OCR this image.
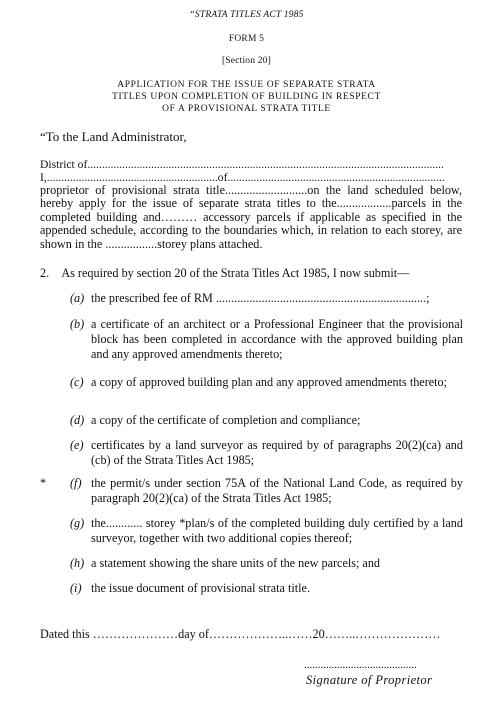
“STRATA TITLES ACT 1985
FORM 5
[Section 20]
APPLICATION FOR THE ISSUE OF SEPARATE STRATA
TITLES UPON COMPLETION OF BUILDING IN RESPECT
OF A PROVISIONAL STRATA TITLE
“To the Land Administrator,
District of...........................................................................................................................
I,...........................................................of...........................................................................
proprietor of provisional strata title...........................on the land scheduled below, hereby apply for the issue of separate strata titles to the..................parcels in the completed building and……… accessory parcels if applicable as specified in the appended schedule, according to the boundaries which, in relation to each storey, are shown in the .................storey plans attached.
2. As required by section 20 of the Strata Titles Act 1985, I now submit—
(a) the prescribed fee of RM .....................................................................;
(b) a certificate of an architect or a Professional Engineer that the provisional block has been completed in accordance with the approved building plan and any approved amendments thereto;
(c) a copy of approved building plan and any approved amendments thereto;
(d) a copy of the certificate of completion and compliance;
(e) certificates by a land surveyor as required by of paragraphs 20(2)(ca) and (cb) of the Strata Titles Act 1985;
* (f) the permit/s under section 75A of the National Land Code, as required by paragraph 20(2)(ca) of the Strata Titles Act 1985;
(g) the............ storey *plan/s of the completed building duly certified by a land surveyor, together with two additional copies thereof;
(h) a statement showing the share units of the new parcels; and
(i) the issue document of provisional strata title.
Dated this …………………day of………………..……20……..…………………
.........................................
Signature of Proprietor
